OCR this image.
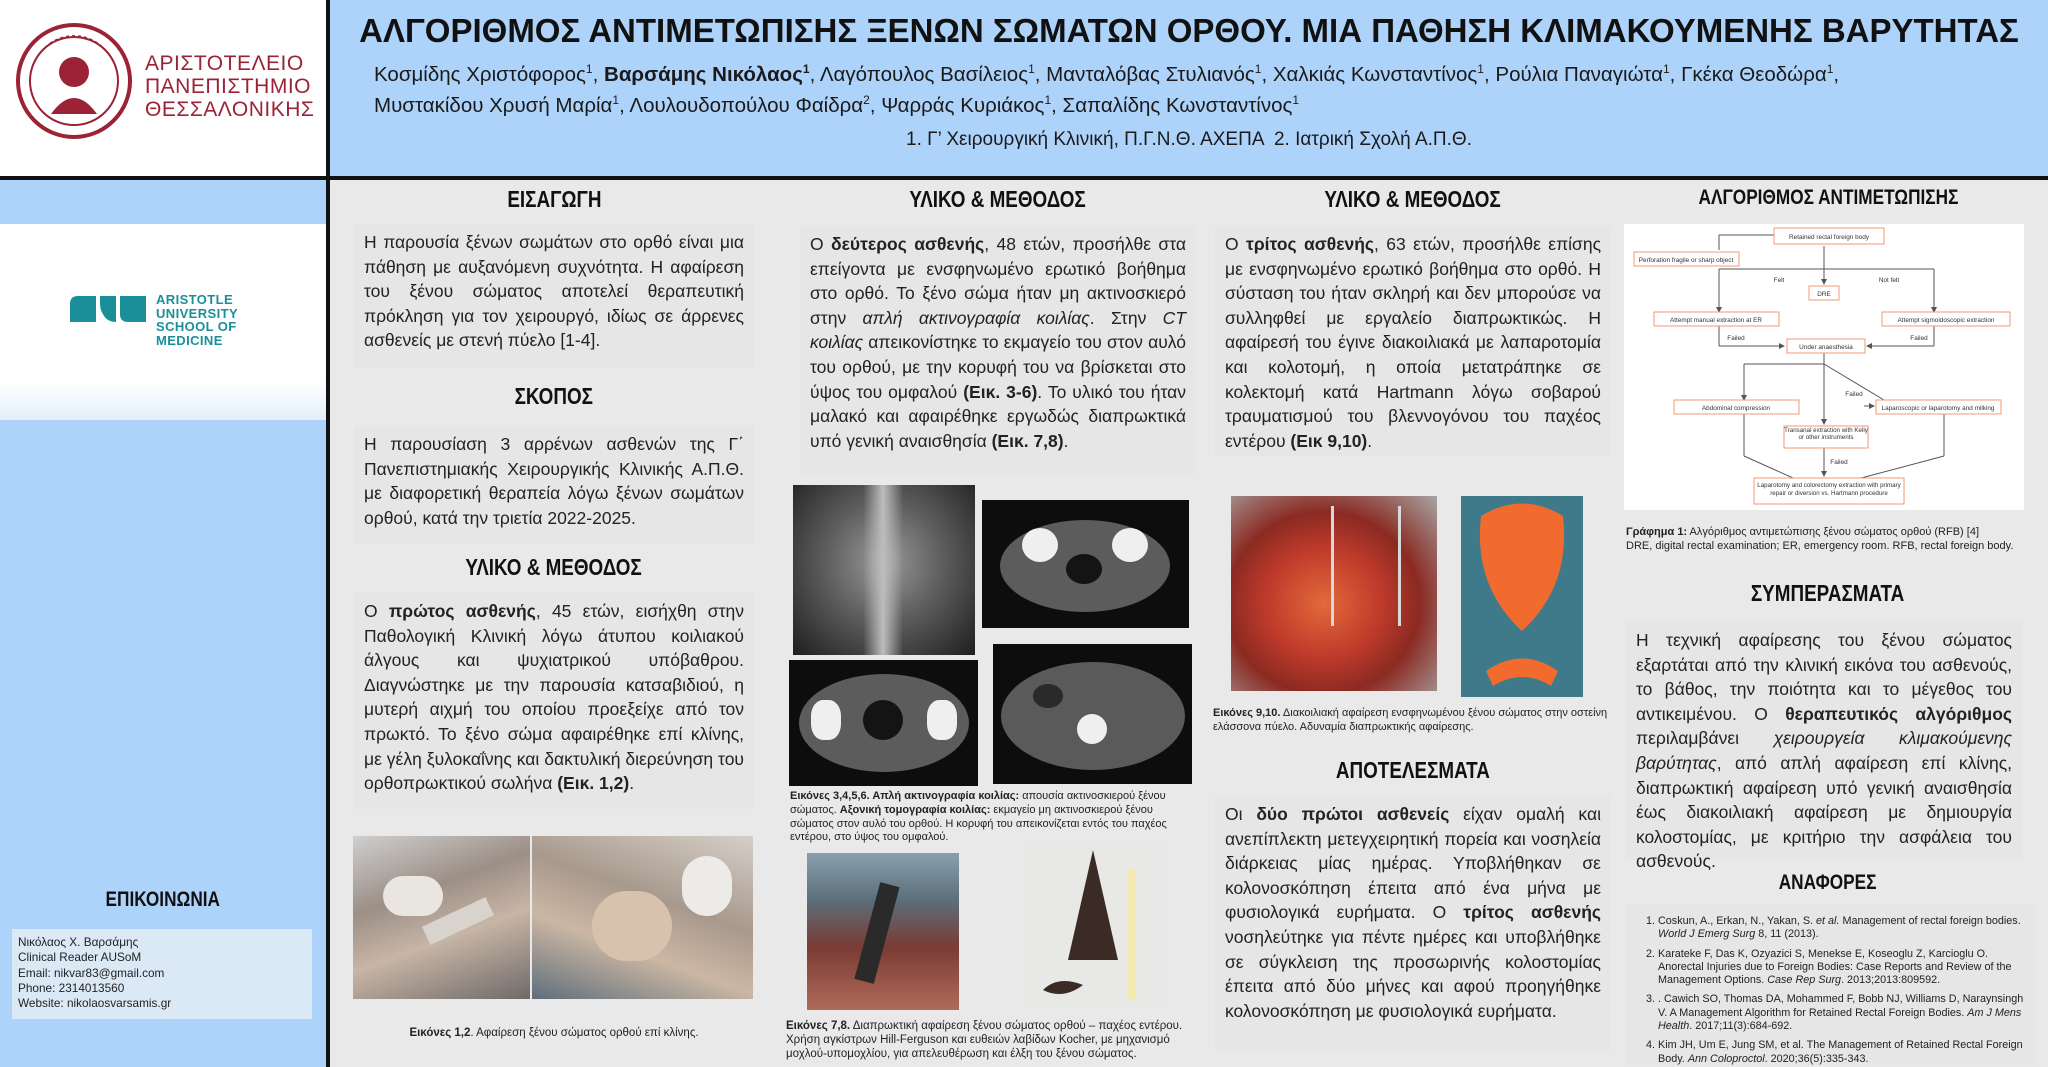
ΑΡΙΣΤΟΤΕΛΕΙΟ
ΠΑΝΕΠΙΣΤΗΜΙΟ
ΘΕΣΣΑΛΟΝΙΚΗΣ
ΑΛΓΟΡΙΘΜΟΣ ΑΝΤΙΜΕΤΩΠΙΣΗΣ ΞΕΝΩΝ ΣΩΜΑΤΩΝ ΟΡΘΟΥ. ΜΙΑ ΠΑΘΗΣΗ ΚΛΙΜΑΚΟΥΜΕΝΗΣ ΒΑΡΥΤΗΤΑΣ
Κοσμίδης Χριστόφορος$^1$, Βαρσάμης Νικόλαος$^1$, Λαγόπουλος Βασίλειος$^1$, Μανταλόβας Στυλιανός$^1$, Χαλκιάς Κωνσταντίνος$^1$, Ρούλια Παναγιώτα$^1$, Γκέκα Θεοδώρα$^1$,
Μυστακίδου Χρυσή Μαρία$^1$, Λουλουδοπούλου Φαίδρα$^2$, Ψαρράς Κυριάκος$^1$, Σαπαλίδης Κωνσταντίνος$^1$
1. Γ’ Χειρουργική Κλινική, Π.Γ.Ν.Θ. ΑΧΕΠΑ  2. Ιατρική Σχολή Α.Π.Θ.
ARISTOTLE
UNIVERSITY
SCHOOL OF
MEDICINE
ΕΠΙΚΟΙΝΩΝΙΑ
Νικόλαος Χ. Βαρσάμης
Clinical Reader AUSoM
Email: nikvar83@gmail.com
Phone: 2314013560
Website: nikolaosvarsamis.gr
ΕΙΣΑΓΩΓΗ
Η παρουσία ξένων σωμάτων στο ορθό είναι μια πάθηση με αυξανόμενη συχνότητα. Η αφαίρεση του ξένου σώματος αποτελεί θεραπευτική πρόκληση για τον χειρουργό, ιδίως σε άρρενες ασθενείς με στενή πύελο [1-4].
ΣΚΟΠΟΣ
Η παρουσίαση 3 αρρένων ασθενών της Γ΄ Πανεπιστημιακής Χειρουργικής Κλινικής Α.Π.Θ. με διαφορετική θεραπεία λόγω ξένων σωμάτων ορθού, κατά την τριετία 2022-2025.
ΥΛΙΚΟ & ΜΕΘΟΔΟΣ
Ο πρώτος ασθενής, 45 ετών, εισήχθη στην Παθολογική Κλινική λόγω άτυπου κοιλιακού άλγους και ψυχιατρικού υπόβαθρου. Διαγνώστηκε με την παρουσία κατσαβιδιού, η μυτερή αιχμή του οποίου προεξείχε από τον πρωκτό. Το ξένο σώμα αφαιρέθηκε επί κλίνης, με γέλη ξυλοκαΐνης και δακτυλική διερεύνηση του ορθοπρωκτικού σωλήνα (Εικ. 1,2).
Εικόνες 1,2. Αφαίρεση ξένου σώματος ορθού επί κλίνης.
ΥΛΙΚΟ & ΜΕΘΟΔΟΣ
Ο δεύτερος ασθενής, 48 ετών, προσήλθε στα επείγοντα με ενσφηνωμένο ερωτικό βοήθημα στο ορθό. Το ξένο σώμα ήταν μη ακτινοσκιερό στην απλή ακτινογραφία κοιλίας. Στην CT κοιλίας απεικονίστηκε το εκμαγείο του στον αυλό του ορθού, με την κορυφή του να βρίσκεται στο ύψος του ομφαλού (Εικ. 3-6). Το υλικό του ήταν μαλακό και αφαιρέθηκε εργωδώς διαπρωκτικά υπό γενική αναισθησία (Εικ. 7,8).
Εικόνες 3,4,5,6. Απλή ακτινογραφία κοιλίας: απουσία ακτινοσκιερού ξένου σώματος. Αξονική τομογραφία κοιλίας: εκμαγείο μη ακτινοσκιερού ξένου σώματος στον αυλό του ορθού. Η κορυφή του απεικονίζεται εντός του παχέος εντέρου, στο ύψος του ομφαλού.
Εικόνες 7,8. Διαπρωκτική αφαίρεση ξένου σώματος ορθού – παχέος εντέρου. Χρήση αγκίστρων Hill-Ferguson και ευθειών λαβίδων Kocher, με μηχανισμό μοχλού-υπομοχλίου, για απελευθέρωση και έλξη του ξένου σώματος.
ΥΛΙΚΟ & ΜΕΘΟΔΟΣ
Ο τρίτος ασθενής, 63 ετών, προσήλθε επίσης με ενσφηνωμένο ερωτικό βοήθημα στο ορθό. Η σύσταση του ήταν σκληρή και δεν μπορούσε να συλληφθεί με εργαλείο διαπρωκτικώς. Η αφαίρεσή του έγινε διακοιλιακά με λαπαροτομία και κολοτομή, η οποία μετατράπηκε σε κολεκτομή κατά Hartmann λόγω σοβαρού τραυματισμού του βλεννογόνου του παχέος εντέρου (Εικ 9,10).
Εικόνες 9,10. Διακοιλιακή αφαίρεση ενσφηνωμένου ξένου σώματος στην οστείνη ελάσσονα πύελο. Αδυναμία διαπρωκτικής αφαίρεσης.
ΑΠΟΤΕΛΕΣΜΑΤΑ
Οι δύο πρώτοι ασθενείς είχαν ομαλή και ανεπίπλεκτη μετεγχειρητική πορεία και νοσηλεία διάρκειας μίας ημέρας. Υποβλήθηκαν σε κολονοσκόπηση έπειτα από ένα μήνα με φυσιολογικά ευρήματα. Ο τρίτος ασθενής νοσηλεύτηκε για πέντε ημέρες και υποβλήθηκε σε σύγκλειση της προσωρινής κολοστομίας έπειτα από δύο μήνες και αφού προηγήθηκε κολονοσκόπηση με φυσιολογικά ευρήματα.
ΑΛΓΟΡΙΘΜΟΣ ΑΝΤΙΜΕΤΩΠΙΣΗΣ
Retained rectal foreign body
Perforation fragile or sharp object
DRE
Felt	Not felt
Attempt manual extraction at ER	Attempt sigmoidoscopic extraction
Failed	Failed
Under anaesthesia
Abdominal compression	Laparoscopic or laparotomy and milking
Failed
Failed
Transanal extraction with Kelly or other instruments
Laparotomy and colorectomy extraction with primary repair or diversion vs. Hartmann procedure
Γράφημα 1: Αλγόριθμος αντιμετώπισης ξένου σώματος ορθού (RFB) [4]
DRE, digital rectal examination; ER, emergency room. RFB, rectal foreign body.
ΣΥΜΠΕΡΑΣΜΑΤΑ
Η τεχνική αφαίρεσης του ξένου σώματος εξαρτάται από την κλινική εικόνα του ασθενούς, το βάθος, την ποιότητα και το μέγεθος του αντικειμένου. Ο θεραπευτικός αλγόριθμος περιλαμβάνει χειρουργεία κλιμακούμενης βαρύτητας, από απλή αφαίρεση επί κλίνης, διαπρωκτική αφαίρεση υπό γενική αναισθησία έως διακοιλιακή αφαίρεση με δημιουργία κολοστομίας, με κριτήριο την ασφάλεια του ασθενούς.
ΑΝΑΦΟΡΕΣ
1. Coskun, A., Erkan, N., Yakan, S. et al. Management of rectal foreign bodies. World J Emerg Surg 8, 11 (2013).
2. Karateke F, Das K, Ozyazici S, Menekse E, Koseoglu Z, Karcioglu O. Anorectal Injuries due to Foreign Bodies: Case Reports and Review of the Management Options. Case Rep Surg. 2013;2013:809592.
3. . Cawich SO, Thomas DA, Mohammed F, Bobb NJ, Williams D, Naraynsingh V. A Management Algorithm for Retained Rectal Foreign Bodies. Am J Mens Health. 2017;11(3):684-692.
4. Kim JH, Um E, Jung SM, et al. The Management of Retained Rectal Foreign Body. Ann Coloproctol. 2020;36(5):335-343.
